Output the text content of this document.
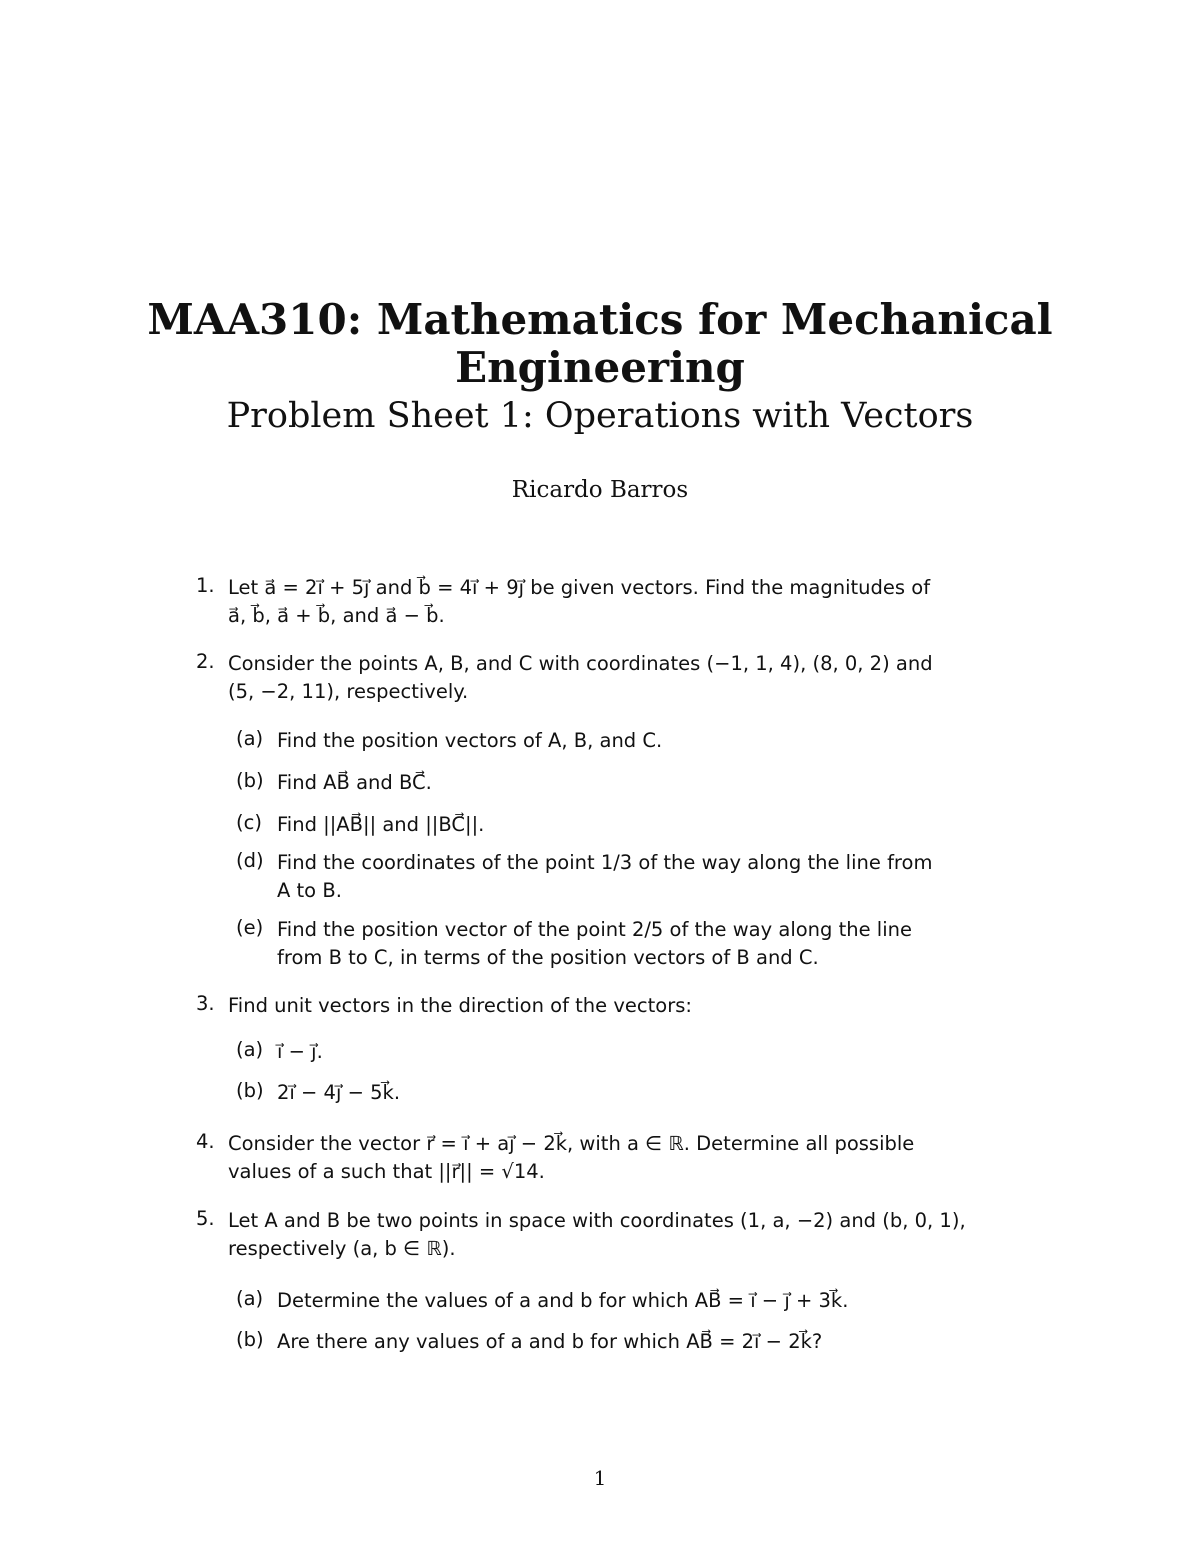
MAA310: Mathematics for Mechanical
Engineering
Problem Sheet 1: Operations with Vectors
Ricardo Barros
1. Let a⃗ = 2i⃗ + 5j⃗ and b⃗ = 4i⃗ + 9j⃗ be given vectors. Find the magnitudes of
a⃗, b⃗, a⃗ + b⃗, and a⃗ − b⃗.
2. Consider the points A, B, and C with coordinates (−1, 1, 4), (8, 0, 2) and
(5, −2, 11), respectively.
(a) Find the position vectors of A, B, and C.
(b) Find AB⃗ and BC⃗.
(c) Find ||AB⃗|| and ||BC⃗||.
(d) Find the coordinates of the point 1/3 of the way along the line from
A to B.
(e) Find the position vector of the point 2/5 of the way along the line
from B to C, in terms of the position vectors of B and C.
3. Find unit vectors in the direction of the vectors:
(a) i⃗ − j⃗.
(b) 2i⃗ − 4j⃗ − 5k⃗.
4. Consider the vector r⃗ = i⃗ + aj⃗ − 2k⃗, with a ∈ ℝ. Determine all possible
values of a such that ||r⃗|| = √14.
5. Let A and B be two points in space with coordinates (1, a, −2) and (b, 0, 1),
respectively (a, b ∈ ℝ).
(a) Determine the values of a and b for which AB⃗ = i⃗ − j⃗ + 3k⃗.
(b) Are there any values of a and b for which AB⃗ = 2i⃗ − 2k⃗?
1
